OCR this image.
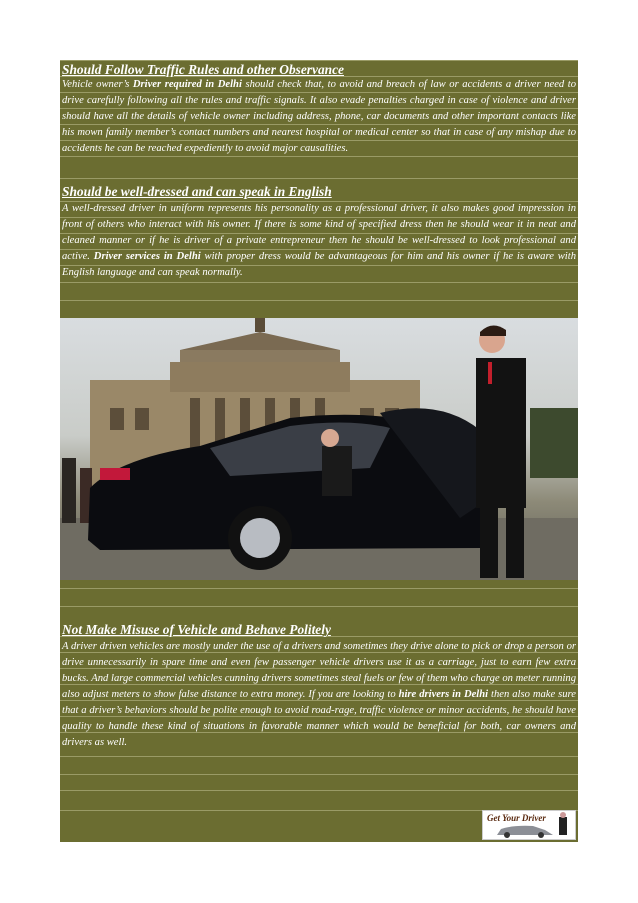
Should Follow Traffic Rules and other Observance

Vehicle owner’s Driver required in Delhi should check that, to avoid and breach of law or accidents a driver need to drive carefully following all the rules and traffic signals. It also evade penalties charged in case of violence and driver should have all the details of vehicle owner including address, phone, car documents and other important contacts like his mown family member’s contact numbers and nearest hospital or medical center so that in case of any mishap due to accidents he can be reached expediently to avoid major causalities.

Should be well-dressed and can speak in English

A well-dressed driver in uniform represents his personality as a professional driver, it also makes good impression in front of others who interact with his owner. If there is some kind of specified dress then he should wear it in neat and cleaned manner or if he is driver of a private entrepreneur then he should be well-dressed to look professional and active. Driver services in Delhi with proper dress would be advantageous for him and his owner if he is aware with English language and can speak normally.

Not Make Misuse of Vehicle and Behave Politely

A driver driven vehicles are mostly under the use of a drivers and sometimes they drive alone to pick or drop a person or drive unnecessarily in spare time and even few passenger vehicle drivers use it as a carriage, just to earn few extra bucks. And large commercial vehicles cunning drivers sometimes steal fuels or few of them who charge on meter running also adjust meters to show false distance to extra money. If you are looking to hire drivers in Delhi then also make sure that a driver’s behaviors should be polite enough to avoid road-rage, traffic violence or minor accidents, he should have quality to handle these kind of situations in favorable manner which would be beneficial for both, car owners and drivers as well.

Get Your Driver
